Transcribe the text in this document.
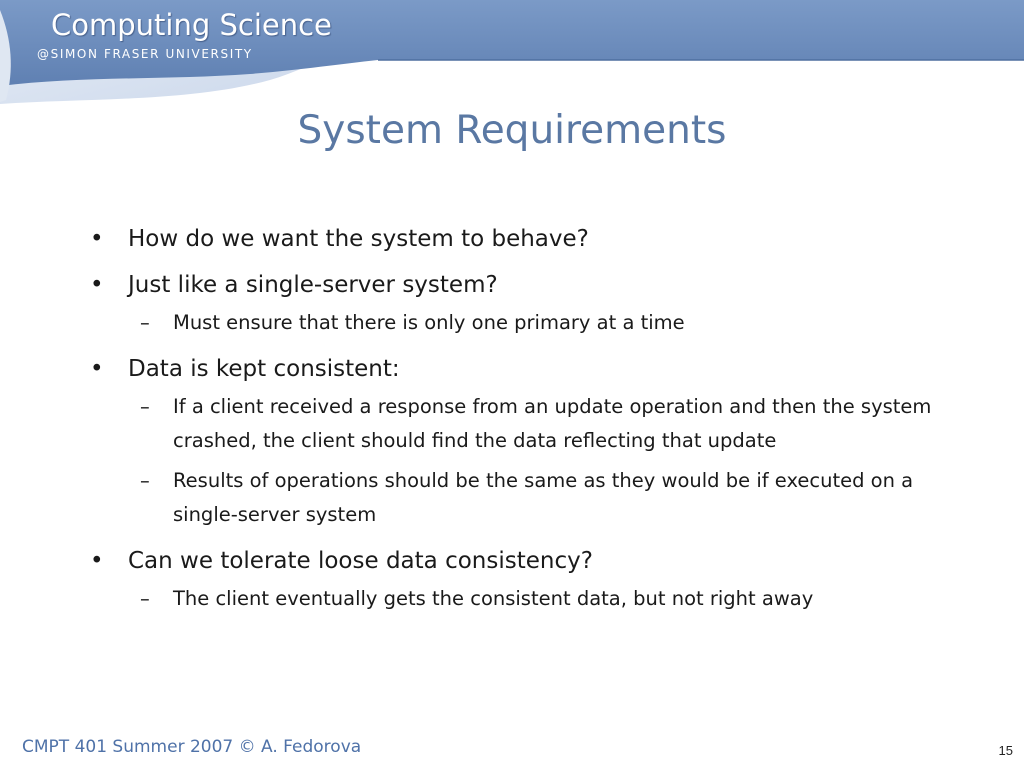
Computing Science
@SIMON FRASER UNIVERSITY
System Requirements
• How do we want the system to behave?
• Just like a single-server system?
– Must ensure that there is only one primary at a time
• Data is kept consistent:
– If a client received a response from an update operation and then the system crashed, the client should find the data reflecting that update
– Results of operations should be the same as they would be if executed on a single-server system
• Can we tolerate loose data consistency?
– The client eventually gets the consistent data, but not right away
CMPT 401 Summer 2007 © A. Fedorova	15
